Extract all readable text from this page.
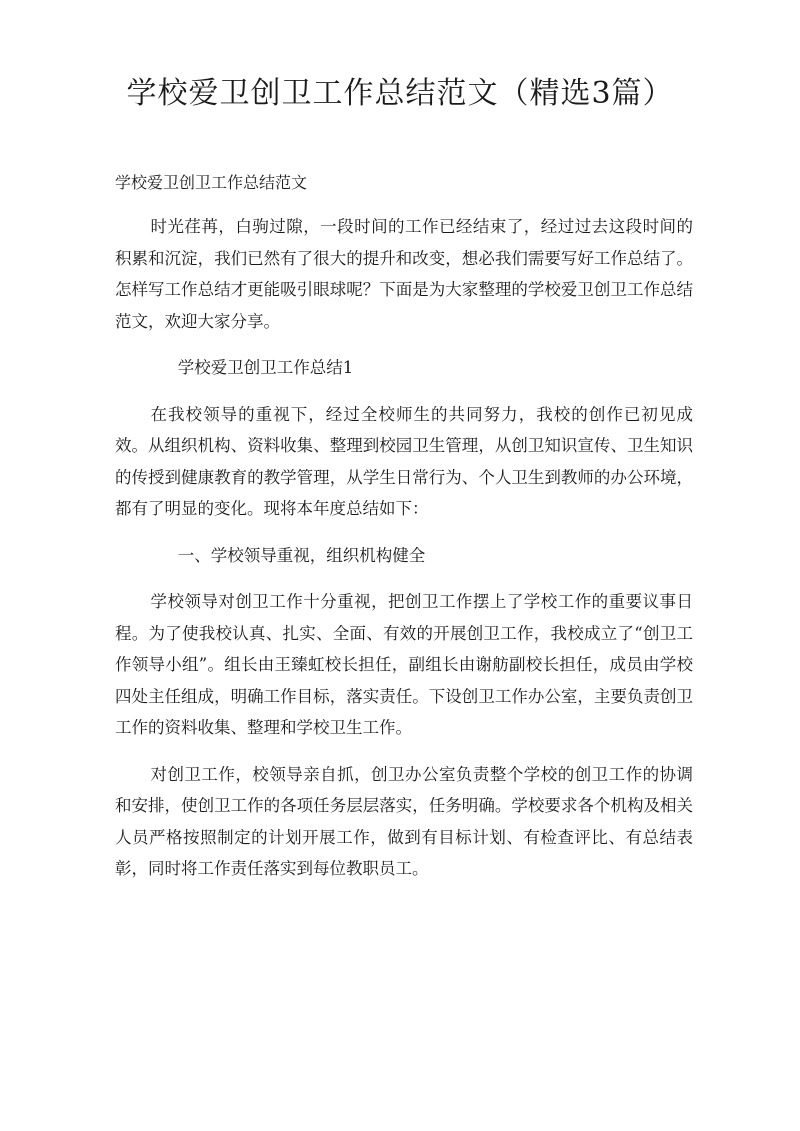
学校爱卫创卫工作总结范文（精选3篇）
学校爱卫创卫工作总结范文

时光荏苒，白驹过隙，一段时间的工作已经结束了，经过过去这段时间的积累和沉淀，我们已然有了很大的提升和改变，想必我们需要写好工作总结了。怎样写工作总结才更能吸引眼球呢？下面是为大家整理的学校爱卫创卫工作总结范文，欢迎大家分享。

学校爱卫创卫工作总结1

在我校领导的重视下，经过全校师生的共同努力，我校的创作已初见成效。从组织机构、资料收集、整理到校园卫生管理，从创卫知识宣传、卫生知识的传授到健康教育的教学管理，从学生日常行为、个人卫生到教师的办公环境，都有了明显的变化。现将本年度总结如下：

一、学校领导重视，组织机构健全

学校领导对创卫工作十分重视，把创卫工作摆上了学校工作的重要议事日程。为了使我校认真、扎实、全面、有效的开展创卫工作，我校成立了“创卫工作领导小组”。组长由王臻虹校长担任，副组长由谢舫副校长担任，成员由学校四处主任组成，明确工作目标，落实责任。下设创卫工作办公室，主要负责创卫工作的资料收集、整理和学校卫生工作。

对创卫工作，校领导亲自抓，创卫办公室负责整个学校的创卫工作的协调和安排，使创卫工作的各项任务层层落实，任务明确。学校要求各个机构及相关人员严格按照制定的计划开展工作，做到有目标计划、有检查评比、有总结表彰，同时将工作责任落实到每位教职员工。
